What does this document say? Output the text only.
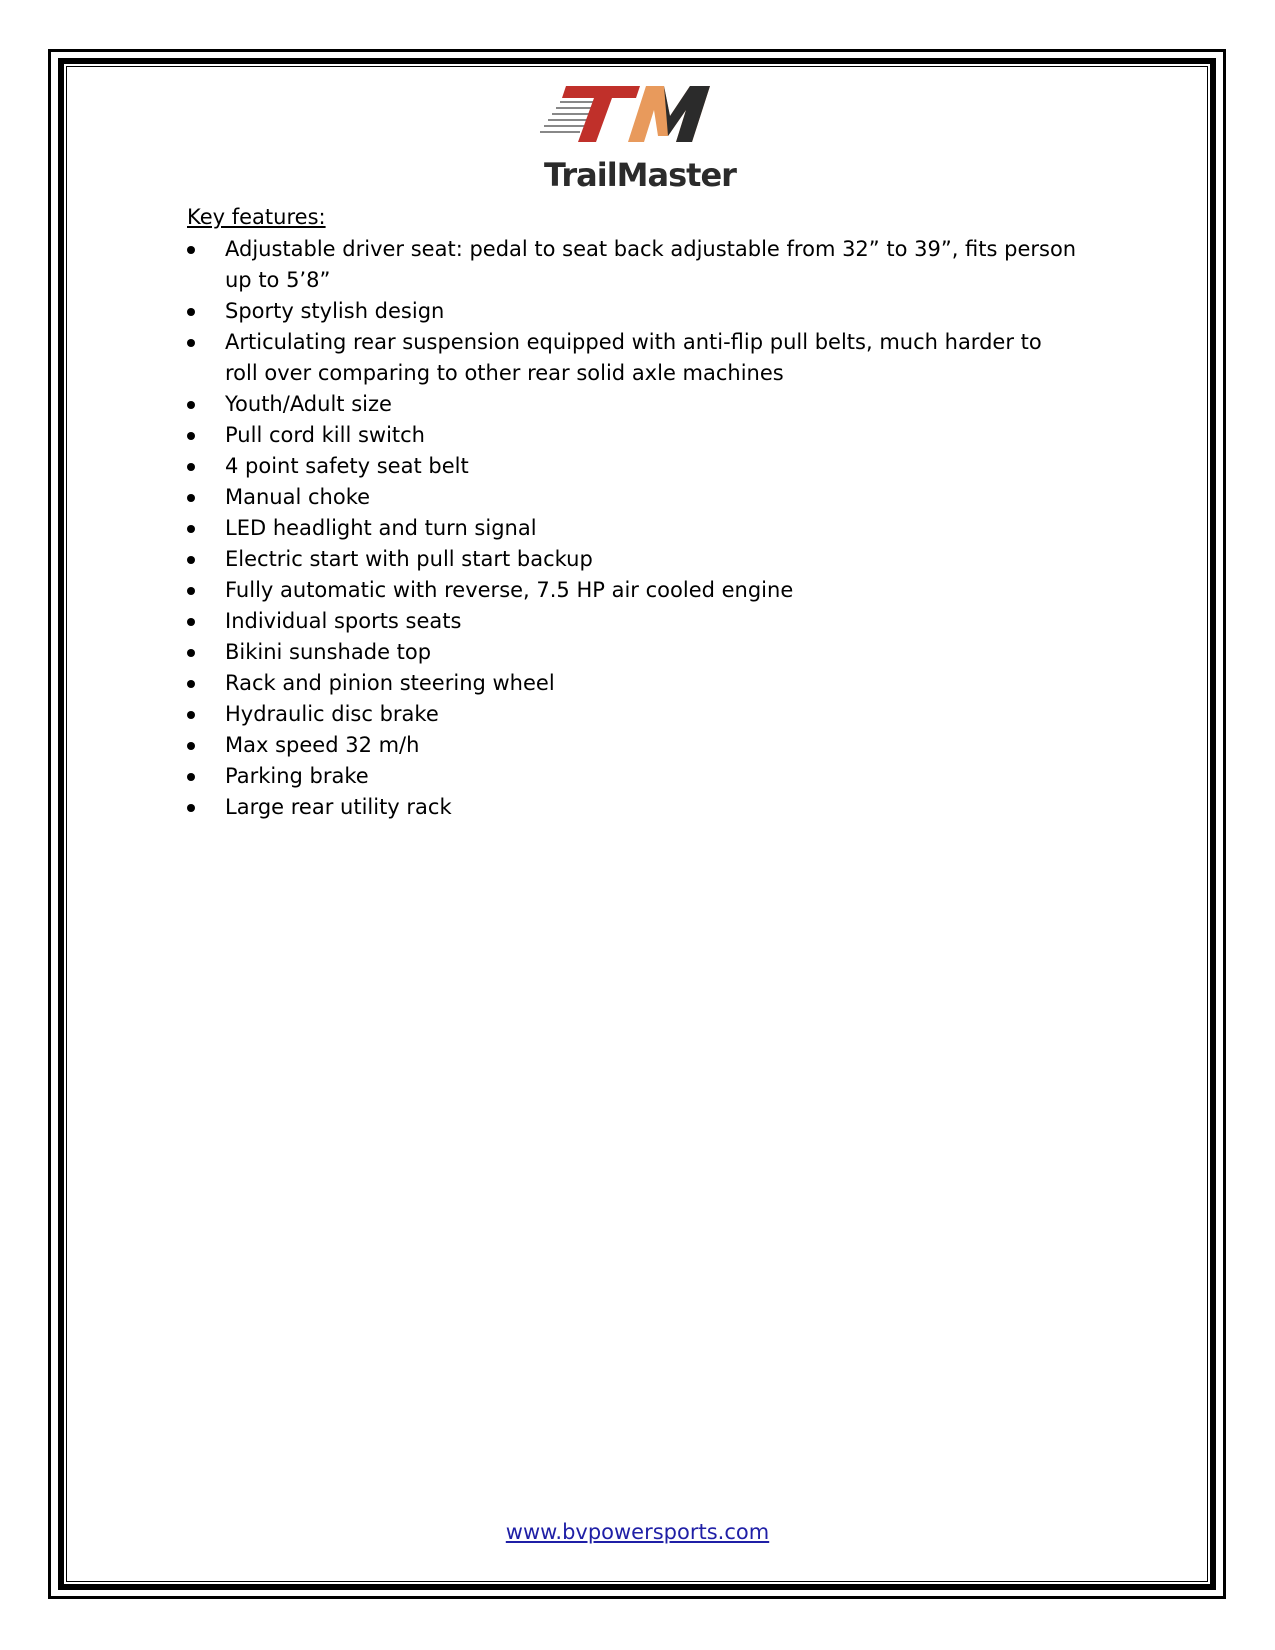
TrailMaster
Key features:
Adjustable driver seat: pedal to seat back adjustable from 32” to 39”, fits person up to 5’8”
Sporty stylish design
Articulating rear suspension equipped with anti-flip pull belts, much harder to roll over comparing to other rear solid axle machines
Youth/Adult size
Pull cord kill switch
4 point safety seat belt
Manual choke
LED headlight and turn signal
Electric start with pull start backup
Fully automatic with reverse, 7.5 HP air cooled engine
Individual sports seats
Bikini sunshade top
Rack and pinion steering wheel
Hydraulic disc brake
Max speed 32 m/h
Parking brake
Large rear utility rack
www.bvpowersports.com
